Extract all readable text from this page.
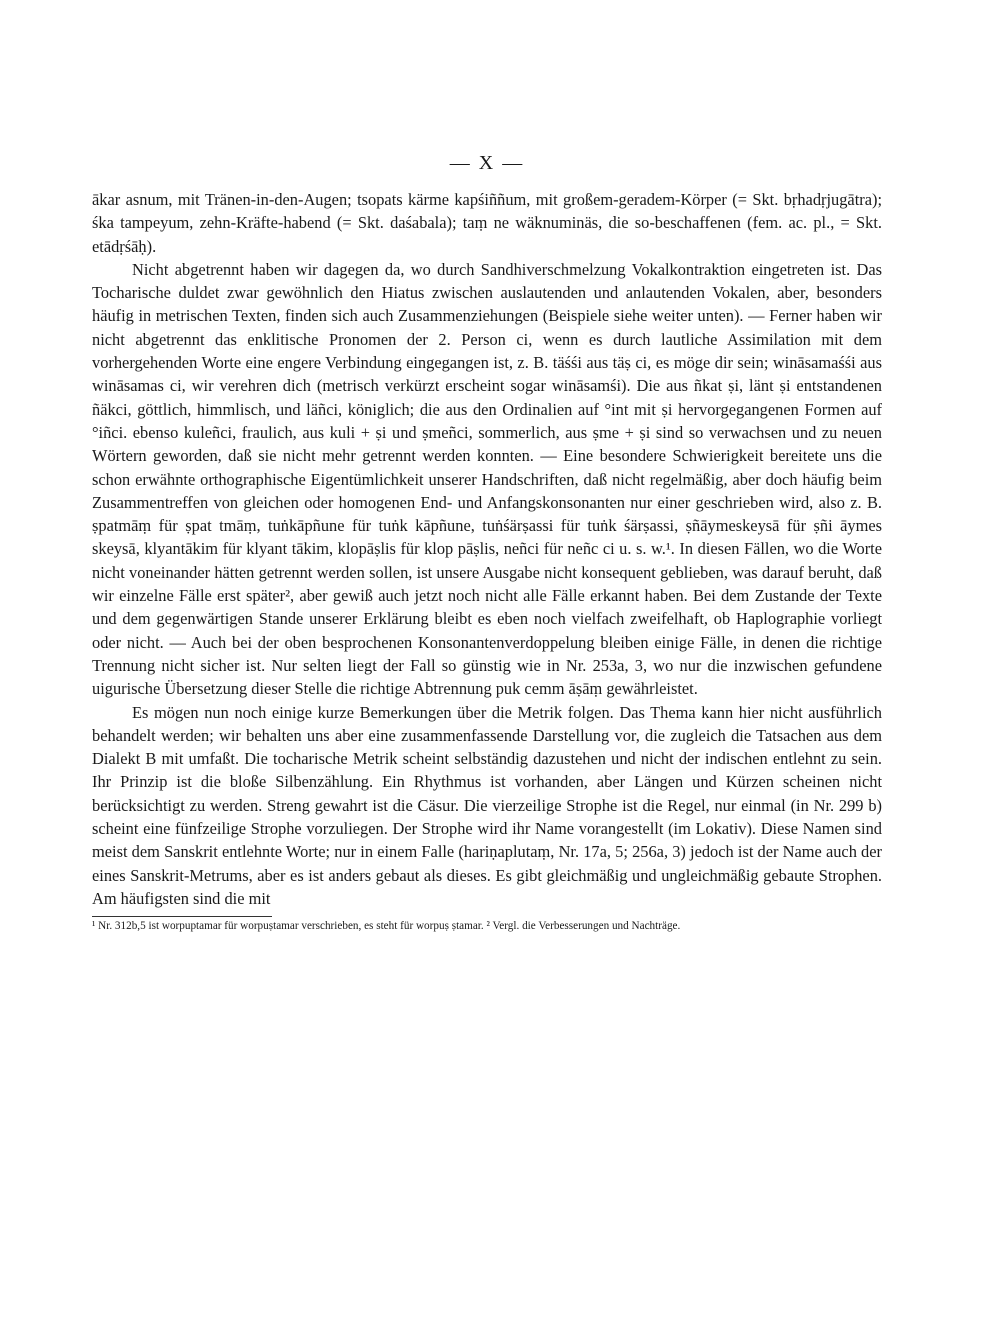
— X —

ākar asnum, mit Tränen-in-den-Augen; tsopats kärme kapśiññum, mit großem-geradem-Körper (= Skt. bṛhadṛjugātra); śka tampeyum, zehn-Kräfte-habend (= Skt. daśabala); taṃ ne wäknuminäs, die so-beschaffenen (fem. ac. pl., = Skt. etādṛśāḥ).

Nicht abgetrennt haben wir dagegen da, wo durch Sandhiverschmelzung Vokalkontraktion eingetreten ist. Das Tocharische duldet zwar gewöhnlich den Hiatus zwischen auslautenden und anlautenden Vokalen, aber, besonders häufig in metrischen Texten, finden sich auch Zusammenziehungen (Beispiele siehe weiter unten). — Ferner haben wir nicht abgetrennt das enklitische Pronomen der 2. Person ci, wenn es durch lautliche Assimilation mit dem vorhergehenden Worte eine engere Verbindung eingegangen ist, z. B. täśśi aus täṣ ci, es möge dir sein; wināsamaśśi aus wināsamas ci, wir verehren dich (metrisch verkürzt erscheint sogar wināsamśi). Die aus ñkat ṣi, länt ṣi entstandenen ñäkci, göttlich, himmlisch, und läñci, königlich; die aus den Ordinalien auf °int mit ṣi hervorgegangenen Formen auf °iñci. ebenso kuleñci, fraulich, aus kuli + ṣi und ṣmeñci, sommerlich, aus ṣme + ṣi sind so verwachsen und zu neuen Wörtern geworden, daß sie nicht mehr getrennt werden konnten. — Eine besondere Schwierigkeit bereitete uns die schon erwähnte orthographische Eigentümlichkeit unserer Handschriften, daß nicht regelmäßig, aber doch häufig beim Zusammentreffen von gleichen oder homogenen End- und Anfangskonsonanten nur einer geschrieben wird, also z. B. ṣpatmāṃ für ṣpat tmāṃ, tuṅkāpñune für tuṅk kāpñune, tuṅśärṣassi für tuṅk śärṣassi, ṣñāymeskeysā für ṣñi āymes skeysā, klyantākim für klyant tākim, klopāṣlis für klop pāṣlis, neñci für neñc ci u. s. w.¹. In diesen Fällen, wo die Worte nicht voneinander hätten getrennt werden sollen, ist unsere Ausgabe nicht konsequent geblieben, was darauf beruht, daß wir einzelne Fälle erst später², aber gewiß auch jetzt noch nicht alle Fälle erkannt haben. Bei dem Zustande der Texte und dem gegenwärtigen Stande unserer Erklärung bleibt es eben noch vielfach zweifelhaft, ob Haplographie vorliegt oder nicht. — Auch bei der oben besprochenen Konsonantenverdoppelung bleiben einige Fälle, in denen die richtige Trennung nicht sicher ist. Nur selten liegt der Fall so günstig wie in Nr. 253a, 3, wo nur die inzwischen gefundene uigurische Übersetzung dieser Stelle die richtige Abtrennung puk cemm āṣāṃ gewährleistet.

Es mögen nun noch einige kurze Bemerkungen über die Metrik folgen. Das Thema kann hier nicht ausführlich behandelt werden; wir behalten uns aber eine zusammenfassende Darstellung vor, die zugleich die Tatsachen aus dem Dialekt B mit umfaßt. Die tocharische Metrik scheint selbständig dazustehen und nicht der indischen entlehnt zu sein. Ihr Prinzip ist die bloße Silbenzählung. Ein Rhythmus ist vorhanden, aber Längen und Kürzen scheinen nicht berücksichtigt zu werden. Streng gewahrt ist die Cäsur. Die vierzeilige Strophe ist die Regel, nur einmal (in Nr. 299 b) scheint eine fünfzeilige Strophe vorzuliegen. Der Strophe wird ihr Name vorangestellt (im Lokativ). Diese Namen sind meist dem Sanskrit entlehnte Worte; nur in einem Falle (hariṇaplutaṃ, Nr. 17a, 5; 256a, 3) jedoch ist der Name auch der eines Sanskrit-Metrums, aber es ist anders gebaut als dieses. Es gibt gleichmäßig und ungleichmäßig gebaute Strophen. Am häufigsten sind die mit

¹ Nr. 312b,5 ist worpuptamar für worpuṣtamar verschrieben, es steht für worpuṣ ṣtamar. ² Vergl. die Verbesserungen und Nachträge.
